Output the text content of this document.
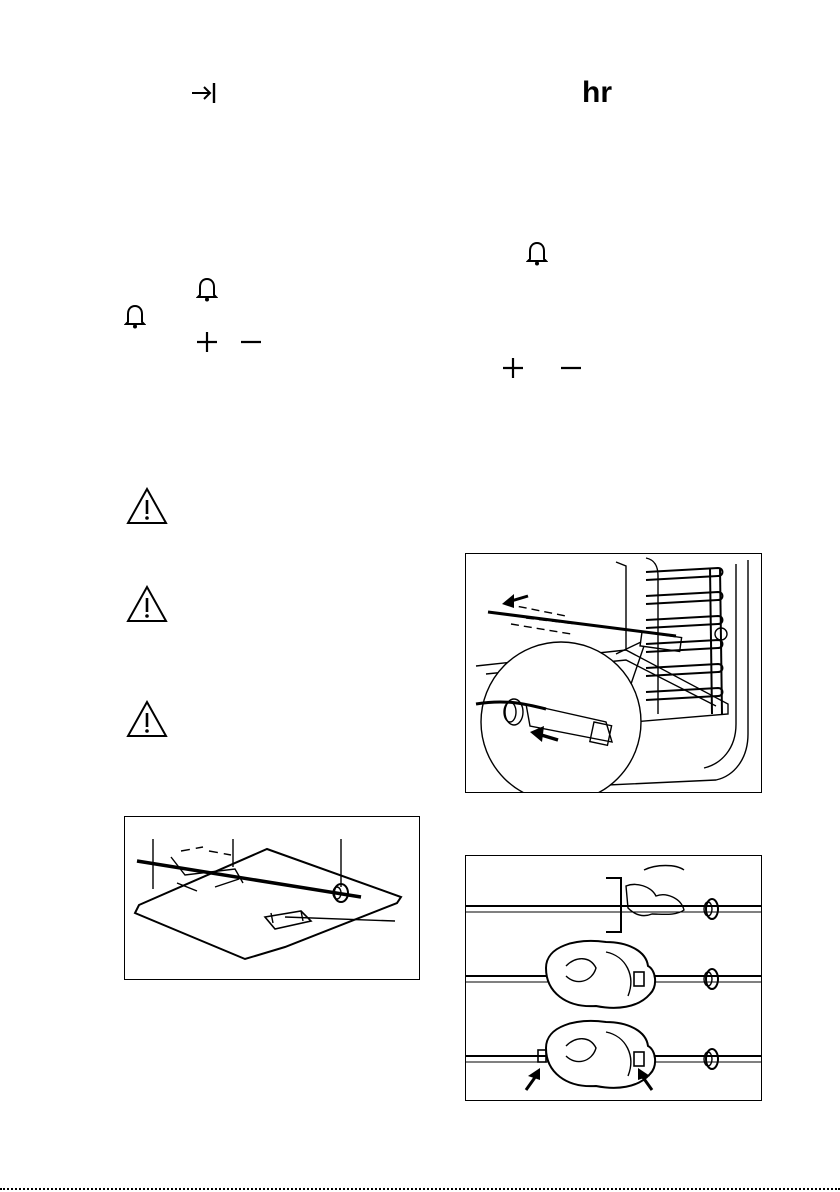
hr
